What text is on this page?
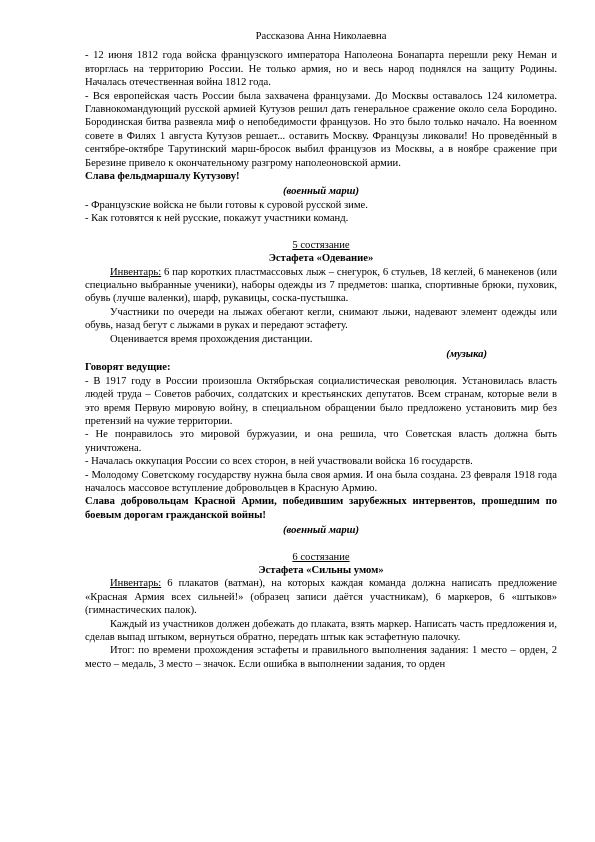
Рассказова Анна Николаевна

- 12 июня 1812 года войска французского императора Наполеона Бонапарта перешли реку Неман и вторглась на территорию России. Не только армия, но и весь народ поднялся на защиту Родины. Началась отечественная война 1812 года.

- Вся европейская часть России была захвачена французами. До Москвы оставалось 124 километра. Главнокомандующий русской армией Кутузов решил дать генеральное сражение около села Бородино. Бородинская битва развеяла миф о непобедимости французов. Но это было только начало. На военном совете в Филях 1 августа Кутузов решает... оставить Москву. Французы ликовали! Но проведённый в сентябре-октябре Тарутинский марш-бросок выбил французов из Москвы, а в ноябре сражение при Березине привело к окончательному разгрому наполеоновской армии.

Слава фельдмаршалу Кутузову!

(военный марш)

- Французские войска не были готовы к суровой русской зиме.

- Как готовятся к ней русские, покажут участники команд.

5 состязание
Эстафета «Одевание»

Инвентарь: 6 пар коротких пластмассовых лыж – снегурок, 6 стульев, 18 кеглей, 6 манекенов (или специально выбранные ученики), наборы одежды из 7 предметов: шапка, спортивные брюки, пуховик, обувь (лучше валенки), шарф, рукавицы, соска-пустышка.

Участники по очереди на лыжах обегают кегли, снимают лыжи, надевают элемент одежды или обувь, назад бегут с лыжами в руках и передают эстафету.

Оценивается время прохождения дистанции.

(музыка)

Говорят ведущие:

- В 1917 году в России произошла Октябрьская социалистическая революция. Установилась власть людей труда – Советов рабочих, солдатских и крестьянских депутатов. Всем странам, которые вели в это время Первую мировую войну, в специальном обращении было предложено установить мир без претензий на чужие территории.

- Не понравилось это мировой буржуазии, и она решила, что Советская власть должна быть уничтожена.

- Началась оккупация России со всех сторон, в ней участвовали войска 16 государств.

- Молодому Советскому государству нужна была своя армия. И она была создана. 23 февраля 1918 года началось массовое вступление добровольцев в Красную Армию.

Слава добровольцам Красной Армии, победившим зарубежных интервентов, прошедшим по боевым дорогам гражданской войны!

(военный марш)
6 состязание
Эстафета «Сильны умом»

Инвентарь: 6 плакатов (ватман), на которых каждая команда должна написать предложение «Красная Армия всех сильней!» (образец записи даётся участникам), 6 маркеров, 6 «штыков» (гимнастических палок).

Каждый из участников должен добежать до плаката, взять маркер. Написать часть предложения и, сделав выпад штыком, вернуться обратно, передать штык как эстафетную палочку.

Итог: по времени прохождения эстафеты и правильного выполнения задания: 1 место – орден, 2 место – медаль, 3 место – значок. Если ошибка в выполнении задания, то орден
